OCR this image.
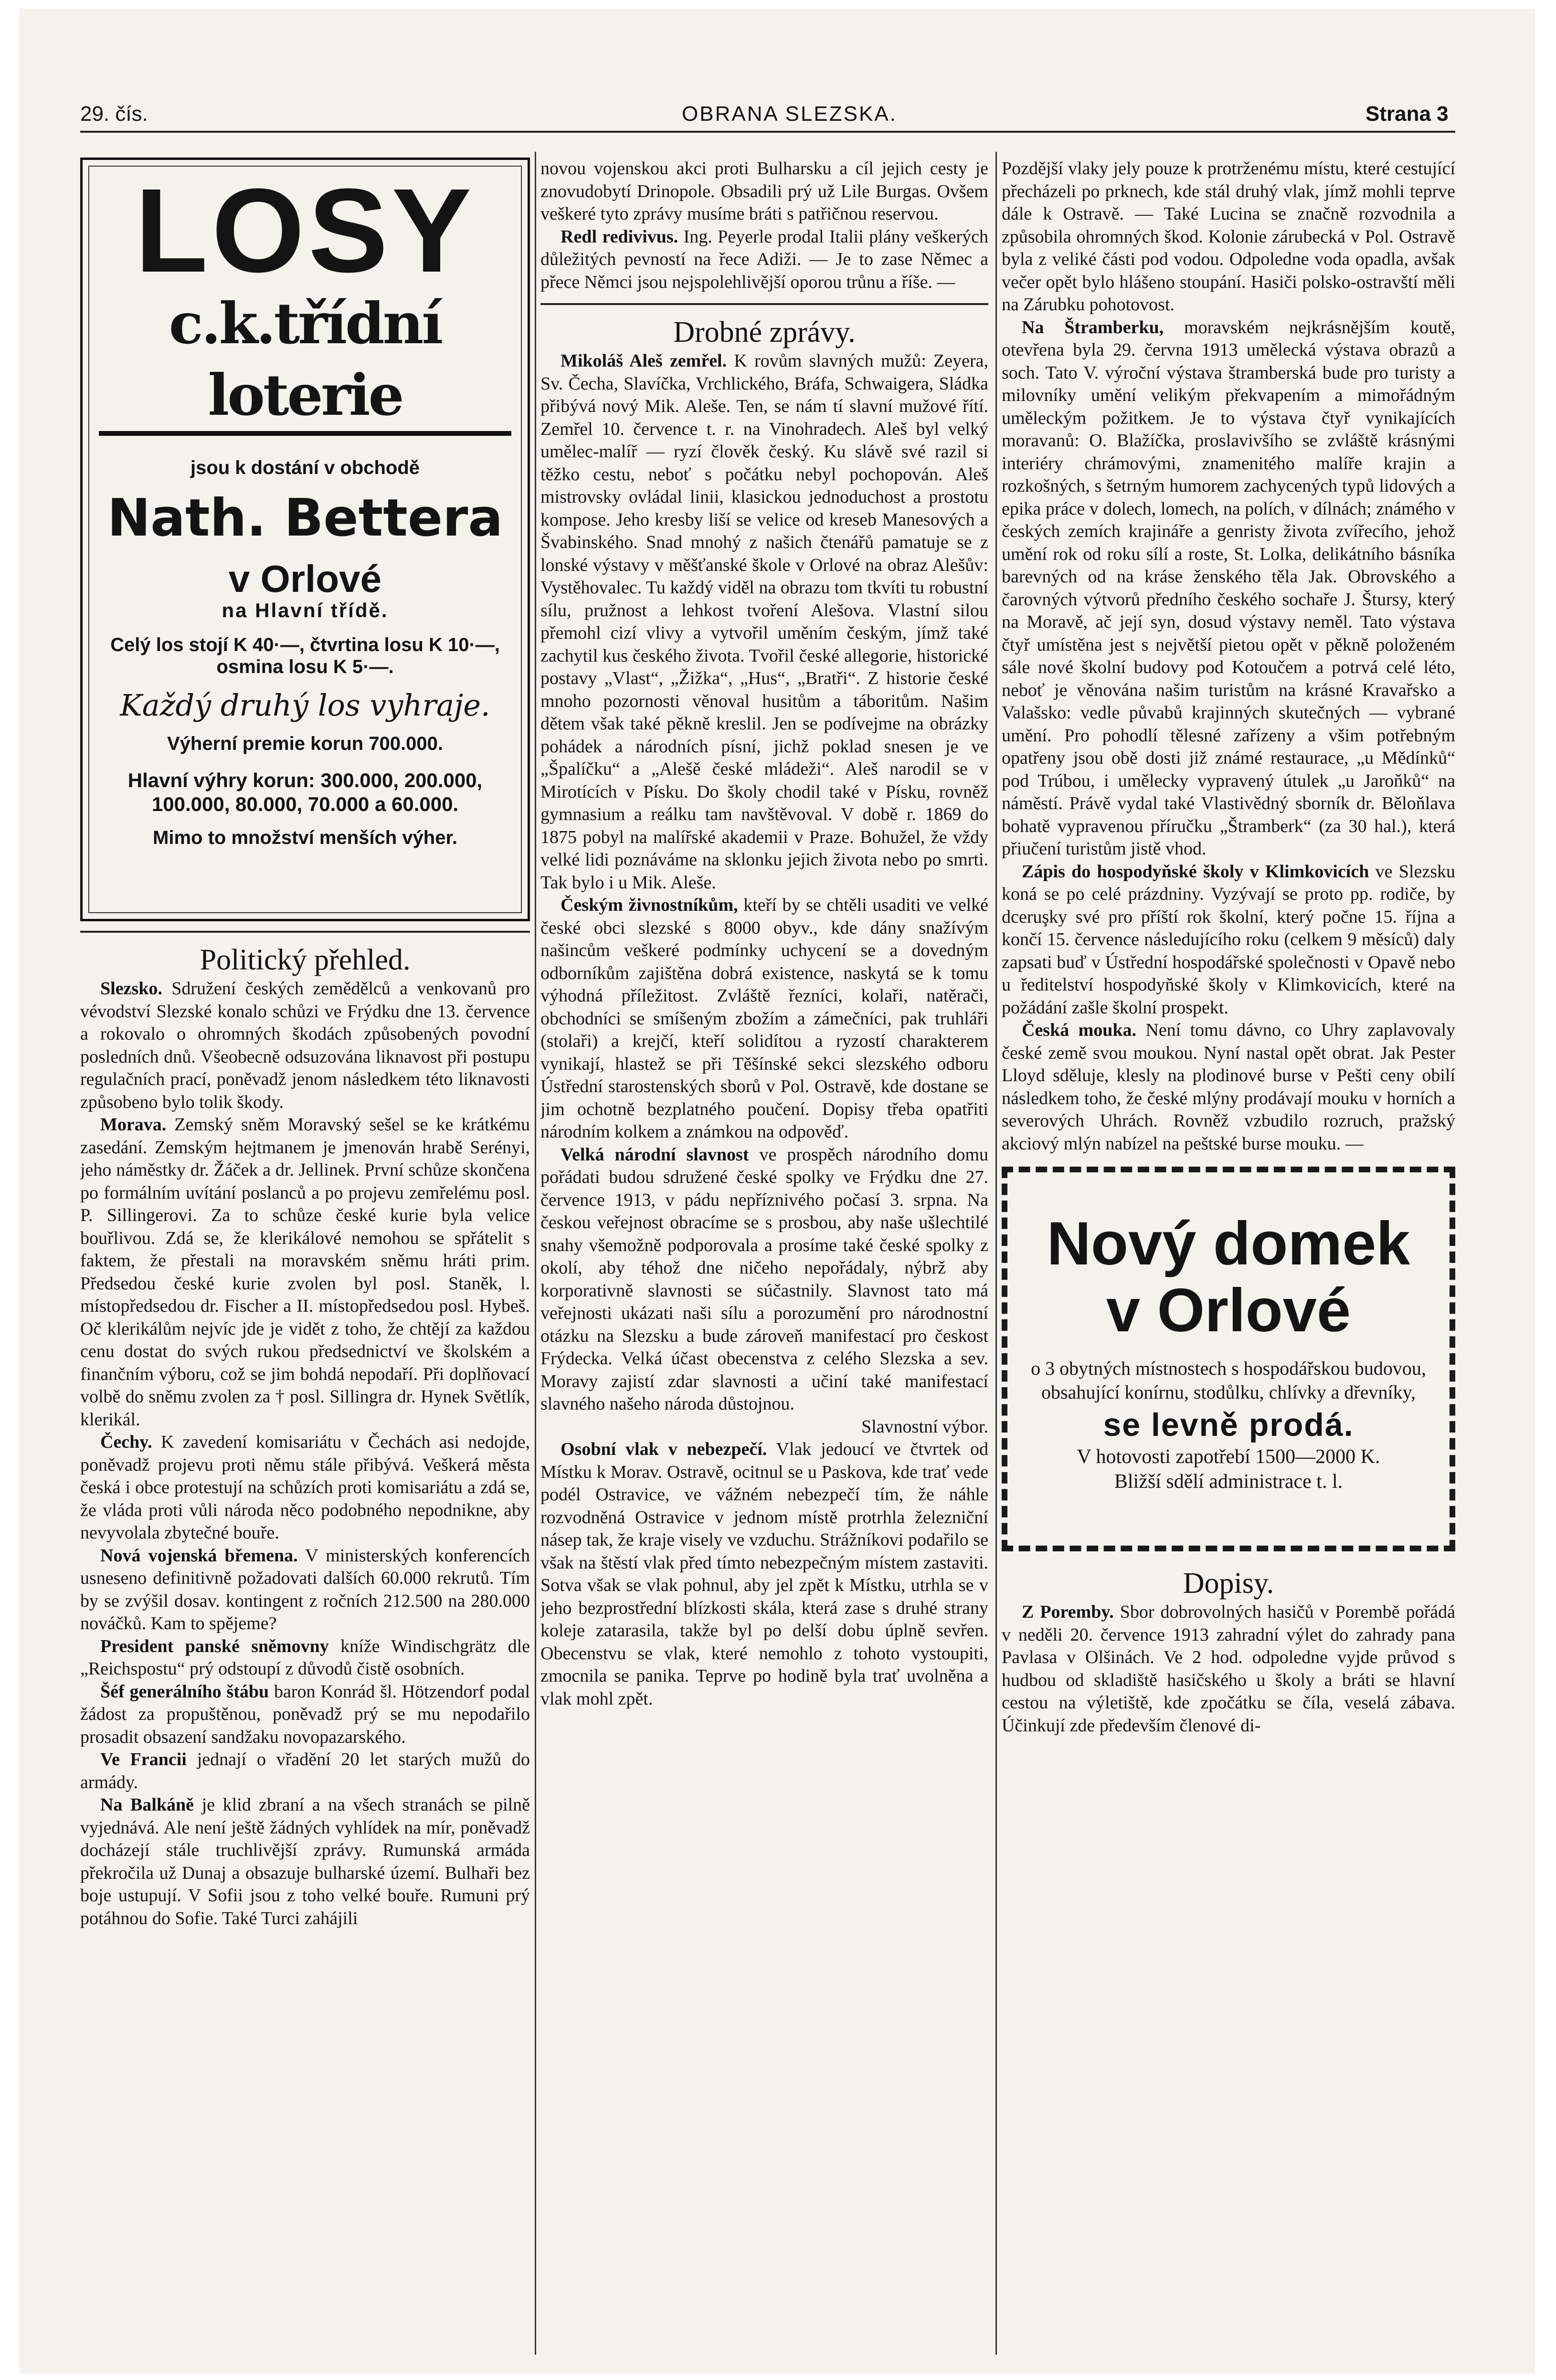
29. čís.	OBRANA SLEZSKA.	Strana 3
LOSY
c.k.třídní loterie
jsou k dostání v obchodě
Nath. Bettera
v Orlové
na Hlavní třídě.
Celý los stojí K 40·—, čtvrtina losu K 10·—, osmina losu K 5·—.
Každý druhý los vyhraje.
Výherní premie korun 700.000.
Hlavní výhry korun: 300.000, 200.000, 100.000, 80.000, 70.000 a 60.000.
Mimo to množství menších výher.
Politický přehled.

Slezsko. Sdružení českých zemědělců a venkovanů pro vévodství Slezské konalo schůzi ve Frýdku dne 13. července a rokovalo o ohromných škodách způsobených povodní posledních dnů. Všeobecně odsuzována liknavost při postupu regulačních prací, poněvadž jenom následkem této liknavosti způsobeno bylo tolik škody.

Morava. Zemský sněm Moravský sešel se ke krátkému zasedání. Zemským hejtmanem je jmenován hrabě Serényi, jeho náměstky dr. Žáček a dr. Jellinek. První schůze skončena po formálním uvítání poslanců a po projevu zemřelému posl. P. Sillingerovi. Za to schůze české kurie byla velice bouřlivou. Zdá se, že klerikálové nemohou se spřátelit s faktem, že přestali na moravském sněmu hráti prim. Předsedou české kurie zvolen byl posl. Staněk, l. místopředsedou dr. Fischer a II. místopředsedou posl. Hybeš. Oč klerikálům nejvíc jde je vidět z toho, že chtějí za každou cenu dostat do svých rukou předsednictví ve školském a finančním výboru, což se jim bohdá nepodaří. Při doplňovací volbě do sněmu zvolen za † posl. Sillingra dr. Hynek Světlík, klerikál.

Čechy. K zavedení komisariátu v Čechách asi nedojde, poněvadž projevu proti němu stále přibývá. Veškerá města česká i obce protestují na schůzích proti komisariátu a zdá se, že vláda proti vůli národa něco podobného nepodnikne, aby nevyvolala zbytečné bouře.

Nová vojenská břemena. V ministerských konferencích usneseno definitivně požadovati dalších 60.000 rekrutů. Tím by se zvýšil dosav. kontingent z ročních 212.500 na 280.000 nováčků. Kam to spějeme?

President panské sněmovny kníže Windischgrätz dle „Reichspostu“ prý odstoupí z důvodů čistě osobních.

Šéf generálního štábu baron Konrád šl. Hötzendorf podal žádost za propuštěnou, poněvadž prý se mu nepodařilo prosadit obsazení sandžaku novopazarského.

Ve Francii jednají o vřadění 20 let starých mužů do armády.

Na Balkáně je klid zbraní a na všech stranách se pilně vyjednává. Ale není ještě žádných vyhlídek na mír, poněvadž docházejí stále truchlivější zprávy. Rumunská armáda překročila už Dunaj a obsazuje bulharské území. Bulhaři bez boje ustupují. V Sofii jsou z toho velké bouře. Rumuni prý potáhnou do Sofie. Také Turci zahájili

novou vojenskou akci proti Bulharsku a cíl jejich cesty je znovudobytí Drinopole. Obsadili prý už Lile Burgas. Ovšem veškeré tyto zprávy musíme bráti s patřičnou reservou.

Redl redivivus. Ing. Peyerle prodal Italii plány veškerých důležitých pevností na řece Adiži. — Je to zase Němec a přece Němci jsou nejspolehlivější oporou trůnu a říše. —

Drobné zprávy.

Mikoláš Aleš zemřel. K rovům slavných mužů: Zeyera, Sv. Čecha, Slavíčka, Vrchlického, Bráfa, Schwaigera, Sládka přibývá nový Mik. Aleše. Ten, se nám tí slavní mužové řítí. Zemřel 10. července t. r. na Vinohradech. Aleš byl velký umělec-malíř — ryzí člověk český. Ku slávě své razil si těžko cestu, neboť s počátku nebyl pochopován. Aleš mistrovsky ovládal linii, klasickou jednoduchost a prostotu kompose. Jeho kresby liší se velice od kreseb Manesových a Švabinského. Snad mnohý z našich čtenářů pamatuje se z lonské výstavy v měšťanské škole v Orlové na obraz Alešův: Vystěhovalec. Tu každý viděl na obrazu tom tkvíti tu robustní sílu, pružnost a lehkost tvoření Alešova. Vlastní silou přemohl cizí vlivy a vytvořil uměním českým, jímž také zachytil kus českého života. Tvořil české allegorie, historické postavy „Vlast“, „Žižka“, „Hus“, „Bratři“. Z historie české mnoho pozornosti věnoval husitům a táboritům. Našim dětem však také pěkně kreslil. Jen se podívejme na obrázky pohádek a národních písní, jichž poklad snesen je ve „Špalíčku“ a „Alešě české mládeži“. Aleš narodil se v Mirotících v Písku. Do školy chodil také v Písku, rovněž gymnasium a reálku tam navštěvoval. V době r. 1869 do 1875 pobyl na malířské akademii v Praze. Bohužel, že vždy velké lidi poznáváme na sklonku jejich života nebo po smrti. Tak bylo i u Mik. Aleše.

Českým živnostníkům, kteří by se chtěli usaditi ve velké české obci slezské s 8000 obyv., kde dány snažívým našincům veškeré podmínky uchycení se a dovedným odborníkům zajištěna dobrá existence, naskytá se k tomu výhodná příležitost. Zvláště řezníci, kolaři, natěrači, obchodníci se smíšeným zbožím a zámečníci, pak truhláři (stolaři) a krejčí, kteří solidítou a ryzostí charakterem vynikají, hlastež se při Těšínské sekci slezského odboru Ústřední starostenských sborů v Pol. Ostravě, kde dostane se jim ochotně bezplatného poučení. Dopisy třeba opatřiti národním kolkem a známkou na odpověď.

Velká národní slavnost ve prospěch národního domu pořádati budou sdružené české spolky ve Frýdku dne 27. července 1913, v pádu nepříznivého počasí 3. srpna. Na českou veřejnost obracíme se s prosbou, aby naše ušlechtilé snahy všemožně podporovala a prosíme také české spolky z okolí, aby téhož dne ničeho nepořádaly, nýbrž aby korporativně slavnosti se súčastnily. Slavnost tato má veřejnosti ukázati naši sílu a porozumění pro národnostní otázku na Slezsku a bude zároveň manifestací pro českost Frýdecka. Velká účast obecenstva z celého Slezska a sev. Moravy zajistí zdar slavnosti a učiní také manifestací slavného našeho národa důstojnou.

Slavnostní výbor.

Osobní vlak v nebezpečí. Vlak jedoucí ve čtvrtek od Místku k Morav. Ostravě, ocitnul se u Paskova, kde trať vede podél Ostravice, ve vážném nebezpečí tím, že náhle rozvodněná Ostravice v jednom místě protrhla železniční násep tak, že kraje visely ve vzduchu. Strážníkovi podařilo se však na štěstí vlak před tímto nebezpečným místem zastaviti. Sotva však se vlak pohnul, aby jel zpět k Místku, utrhla se v jeho bezprostřední blízkosti skála, která zase s druhé strany koleje zatarasila, takže byl po delší dobu úplně sevřen. Obecenstvu se vlak, které nemohlo z tohoto vystoupiti, zmocnila se panika. Teprve po hodině byla trať uvolněna a vlak mohl zpět.

Pozdější vlaky jely pouze k protrženému místu, které cestující přecházeli po prknech, kde stál druhý vlak, jímž mohli teprve dále k Ostravě. — Také Lucina se značně rozvodnila a způsobila ohromných škod. Kolonie zárubecká v Pol. Ostravě byla z veliké části pod vodou. Odpoledne voda opadla, avšak večer opět bylo hlášeno stoupání. Hasiči polsko-ostravští měli na Zárubku pohotovost.

Na Štramberku, moravském nejkrásnějším koutě, otevřena byla 29. června 1913 umělecká výstava obrazů a soch. Tato V. výroční výstava štramberská bude pro turisty a milovníky umění velikým překvapením a mimořádným uměleckým požitkem. Je to výstava čtyř vynikajících moravanů: O. Blažíčka, proslavivšího se zvláště krásnými interiéry chrámovými, znamenitého malíře krajin a rozkošných, s šetrným humorem zachycených typů lidových a epika práce v dolech, lomech, na polích, v dílnách; známého v českých zemích krajináře a genristy života zvířecího, jehož umění rok od roku sílí a roste, St. Lolka, delikátního básníka barevných od na kráse ženského těla Jak. Obrovského a čarovných výtvorů předního českého sochaře J. Štursy, který na Moravě, ač její syn, dosud výstavy neměl. Tato výstava čtyř umístěna jest s největší pietou opět v pěkně položeném sále nové školní budovy pod Kotoučem a potrvá celé léto, neboť je věnována našim turistům na krásné Kravařsko a Valašsko: vedle půvabů krajinných skutečných — vybrané umění. Pro pohodlí tělesné zařízeny a všim potřebným opatřeny jsou obě dosti již známé restaurace, „u Mědínků“ pod Trúbou, i umělecky vypravený útulek „u Jaroňků“ na náměstí. Právě vydal také Vlastivědný sborník dr. Běloňlava bohatě vypravenou příručku „Štramberk“ (za 30 hal.), která přiučení turistům jistě vhod.

Zápis do hospodyňské školy v Klimkovicích ve Slezsku koná se po celé prázdniny. Vyzývají se proto pp. rodiče, by dceruşky své pro příští rok školní, který počne 15. října a končí 15. července následujícího roku (celkem 9 měsíců) daly zapsati buď v Ústřední hospodářské společnosti v Opavě nebo u ředitelství hospodyňské školy v Klimkovicích, které na požádání zašle školní prospekt.

Česká mouka. Není tomu dávno, co Uhry zaplavovaly české země svou moukou. Nyní nastal opět obrat. Jak Pester Lloyd sděluje, klesly na plodinové burse v Pešti ceny obilí následkem toho, že české mlýny prodávají mouku v horních a severových Uhrách. Rovněž vzbudilo rozruch, pražský akciový mlýn nabízel na peštské burse mouku. —

Nový domek
v Orlové
o 3 obytných místnostech s hospodářskou budovou, obsahující konírnu, stodůlku, chlívky a dřevníky,
se levně prodá.
V hotovosti zapotřebí 1500—2000 K.
Bližší sdělí administrace t. l.
Dopisy.

Z Poremby. Sbor dobrovolných hasičů v Porembě pořádá v neděli 20. července 1913 zahradní výlet do zahrady pana Pavlasa v Olšinách. Ve 2 hod. odpoledne vyjde průvod s hudbou od skladiště hasičského u školy a bráti se hlavní cestou na výletiště, kde zpočátku se číla, veselá zábava. Účinkují zde především členové di-
